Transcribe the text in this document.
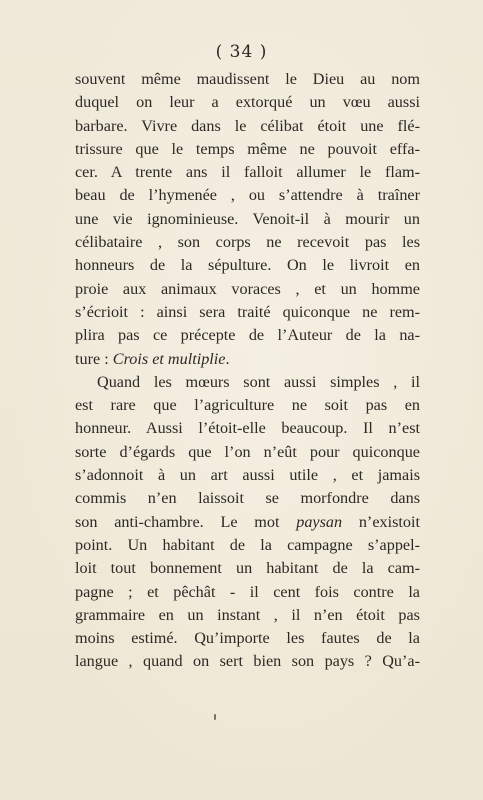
( 34 )
souvent même maudissent le Dieu au nom
duquel on leur a extorqué un vœu aussi
barbare. Vivre dans le célibat étoit une flé-
trissure que le temps même ne pouvoit effa-
cer. A trente ans il falloit allumer le flam-
beau de l’hymenée , ou s’attendre à traîner
une vie ignominieuse. Venoit-il à mourir un
célibataire , son corps ne recevoit pas les
honneurs de la sépulture. On le livroit en
proie aux animaux voraces , et un homme
s’écrioit : ainsi sera traité quiconque ne rem-
plira pas ce précepte de l’Auteur de la na-
ture : Crois et multiplie.
Quand les mœurs sont aussi simples , il
est rare que l’agriculture ne soit pas en
honneur. Aussi l’étoit-elle beaucoup. Il n’est
sorte d’égards que l’on n’eût pour quiconque
s’adonnoit à un art aussi utile , et jamais
commis n’en laissoit se morfondre dans
son anti-chambre. Le mot paysan n’existoit
point. Un habitant de la campagne s’appel-
loit tout bonnement un habitant de la cam-
pagne ; et pêchât - il cent fois contre la
grammaire en un instant , il n’en étoit pas
moins estimé. Qu’importe les fautes de la
langue , quand on sert bien son pays ? Qu’a-
